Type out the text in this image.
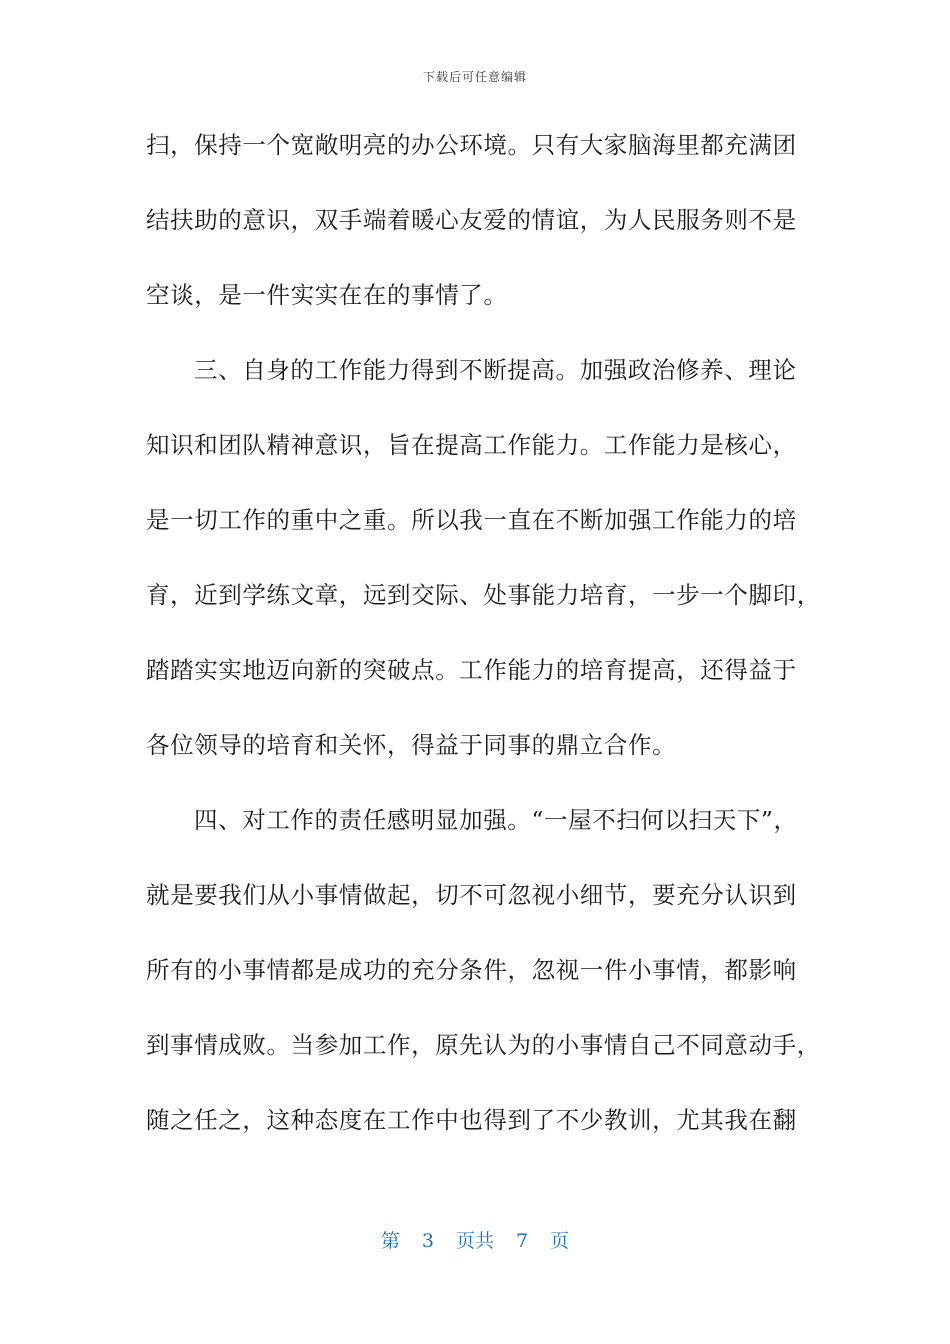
下载后可任意编辑
扫，保持一个宽敞明亮的办公环境。只有大家脑海里都充满团
结扶助的意识，双手端着暖心友爱的情谊，为人民服务则不是
空谈，是一件实实在在的事情了。
三、自身的工作能力得到不断提高。加强政治修养、理论
知识和团队精神意识，旨在提高工作能力。工作能力是核心，
是一切工作的重中之重。所以我一直在不断加强工作能力的培
育，近到学练文章，远到交际、处事能力培育，一步一个脚印，
踏踏实实地迈向新的突破点。工作能力的培育提高，还得益于
各位领导的培育和关怀，得益于同事的鼎立合作。
四、对工作的责任感明显加强。“一屋不扫何以扫天下”，
就是要我们从小事情做起，切不可忽视小细节，要充分认识到
所有的小事情都是成功的充分条件，忽视一件小事情，都影响
到事情成败。当参加工作，原先认为的小事情自己不同意动手，
随之任之，这种态度在工作中也得到了不少教训，尤其我在翻
第 3 页共 7 页
